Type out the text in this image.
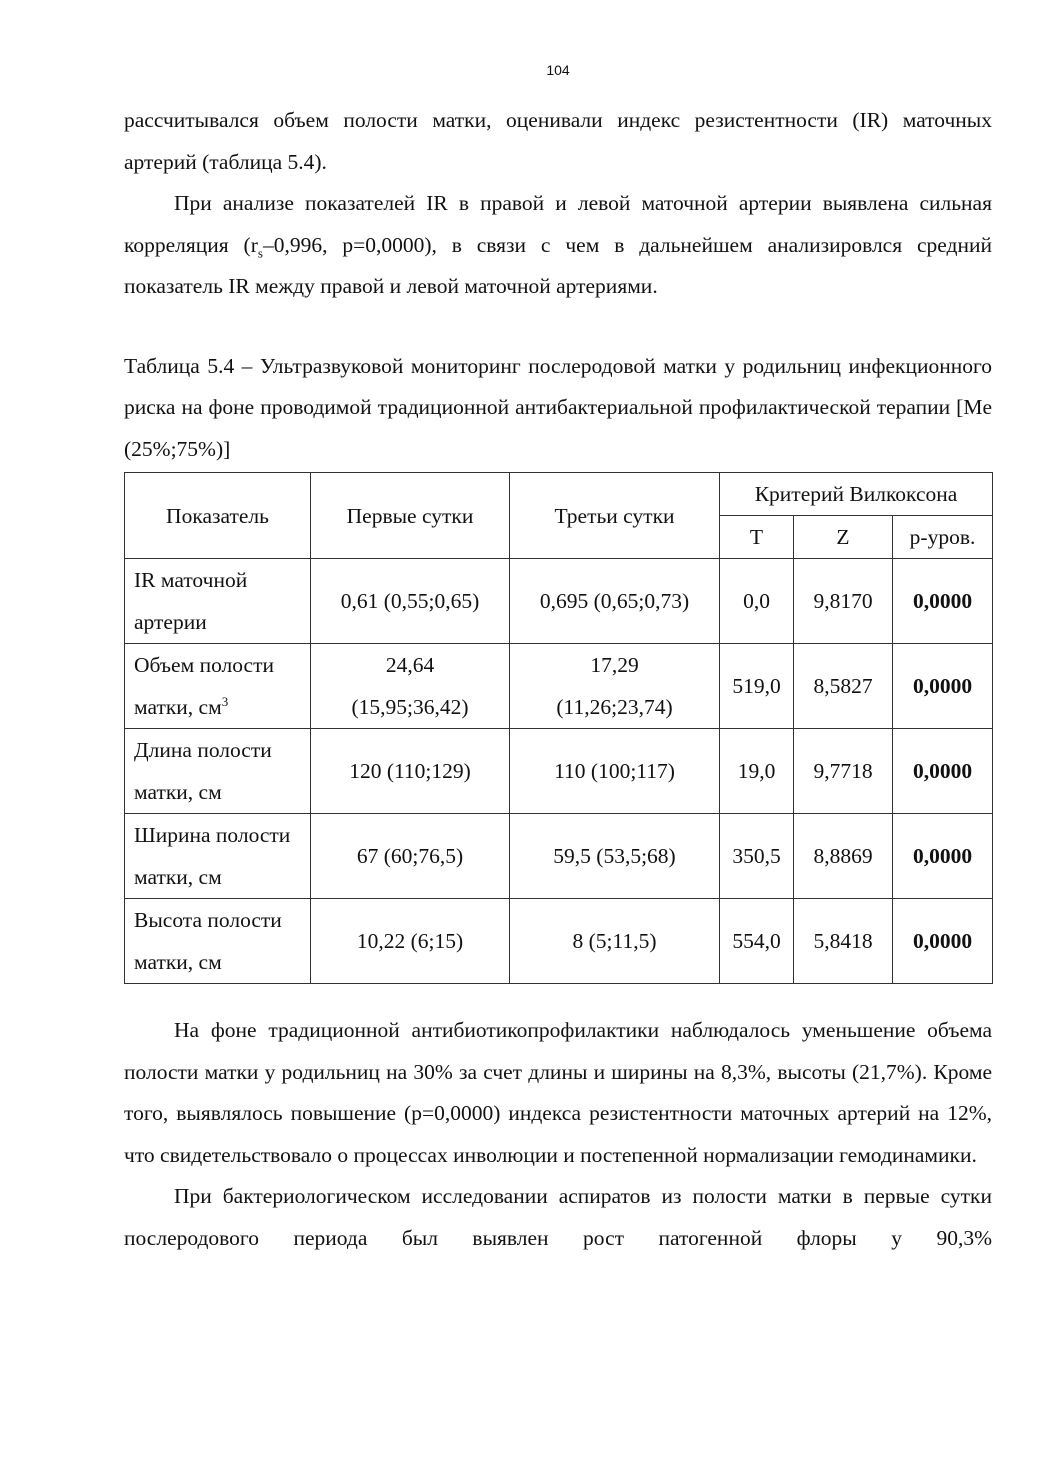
104

рассчитывался объем полости матки, оценивали индекс резистентности (IR) маточных артерий (таблица 5.4).

При анализе показателей IR в правой и левой маточной артерии выявлена сильная корреляция ($r_s-0,996$, p=0,0000), в связи с чем в дальнейшем анализировлся средний показатель IR между правой и левой маточной артериями.

Таблица 5.4 – Ультразвуковой мониторинг послеродовой матки у родильниц инфекционного риска на фоне проводимой традиционной антибактериальной профилактической терапии [Me (25%;75%)]

Показатель	Первые сутки	Третьи сутки	Критерий Вилкоксона		
			T	Z	р-уров.
IR маточной
артерии	0,61 (0,55;0,65)	0,695 (0,65;0,73)	0,0	9,8170	0,0000
Объем полости
матки, $см^3$	24,64
(15,95;36,42)	17,29
(11,26;23,74)	519,0	8,5827	0,0000
Длина полости
матки, см	120 (110;129)	110 (100;117)	19,0	9,7718	0,0000
Ширина полости
матки, см	67 (60;76,5)	59,5 (53,5;68)	350,5	8,8869	0,0000
Высота полости
матки, см	10,22 (6;15)	8 (5;11,5)	554,0	5,8418	0,0000

На фоне традиционной антибиотикопрофилактики наблюдалось уменьшение объема полости матки у родильниц на 30% за счет длины и ширины на 8,3%, высоты (21,7%). Кроме того, выявлялось повышение (p=0,0000) индекса резистентности маточных артерий на 12%, что свидетельствовало о процессах инволюции и постепенной нормализации гемодинамики.

При бактериологическом исследовании аспиратов из полости матки в первые сутки послеродового периода был выявлен рост патогенной флоры у 90,3%
